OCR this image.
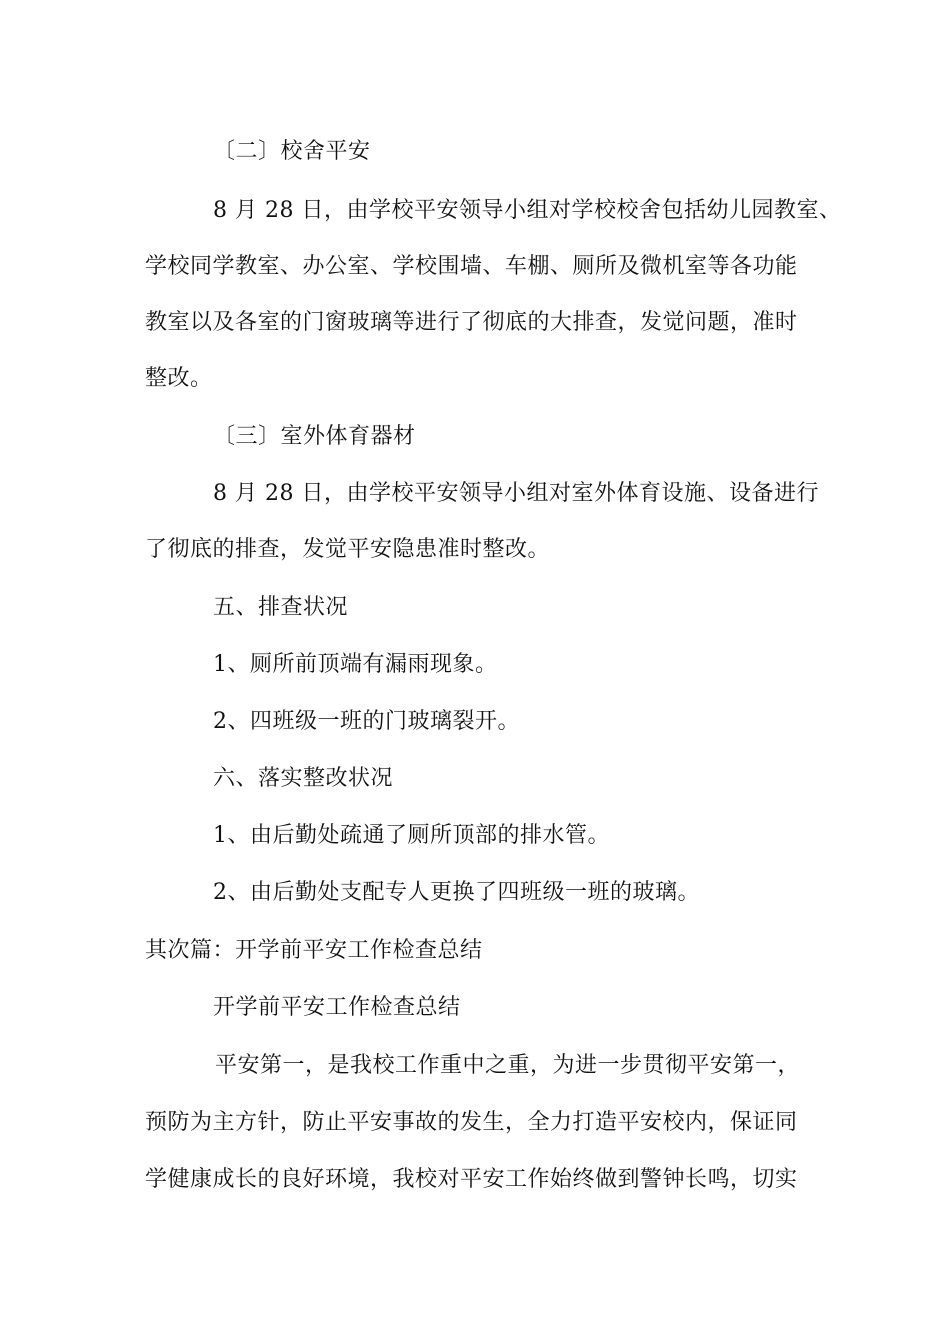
〔二〕校舍平安
8 月 28 日，由学校平安领导小组对学校校舍包括幼儿园教室、
学校同学教室、办公室、学校围墙、车棚、厕所及微机室等各功能
教室以及各室的门窗玻璃等进行了彻底的大排查，发觉问题，准时
整改。
〔三〕室外体育器材
8 月 28 日，由学校平安领导小组对室外体育设施、设备进行
了彻底的排查，发觉平安隐患准时整改。
五、排查状况
1、厕所前顶端有漏雨现象。
2、四班级一班的门玻璃裂开。
六、落实整改状况
1、由后勤处疏通了厕所顶部的排水管。
2、由后勤处支配专人更换了四班级一班的玻璃。
其次篇：开学前平安工作检查总结
开学前平安工作检查总结
平安第一，是我校工作重中之重，为进一步贯彻平安第一，
预防为主方针，防止平安事故的发生，全力打造平安校内，保证同
学健康成长的良好环境，我校对平安工作始终做到警钟长鸣，切实
